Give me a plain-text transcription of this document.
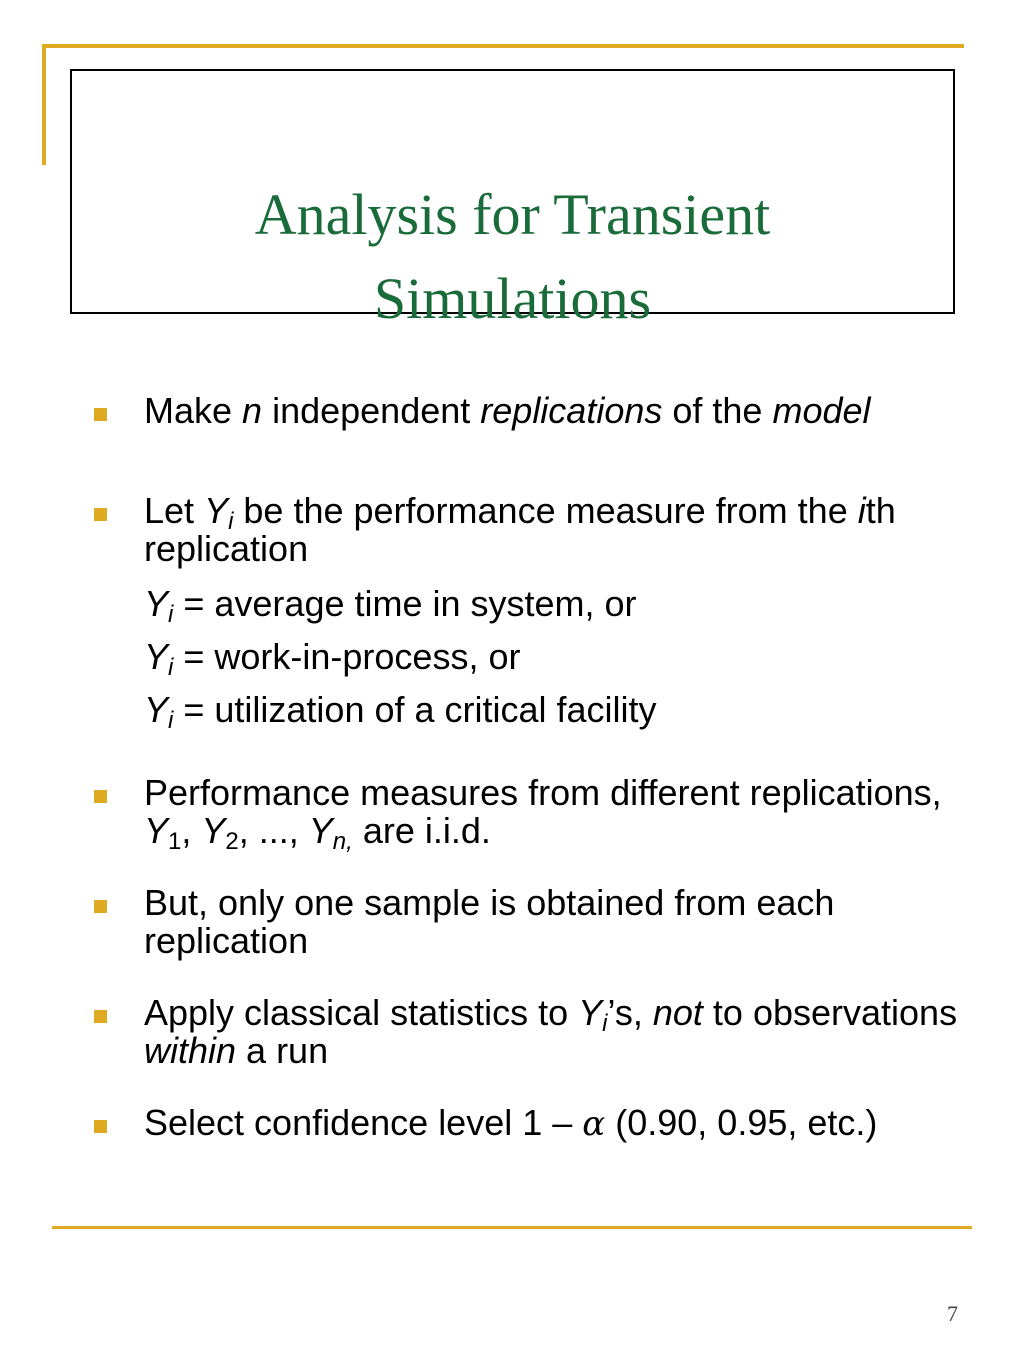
Analysis for Transient
Simulations
Make n independent replications of the model
Let Yi be the performance measure from the ith replication
Yi = average time in system, or
Yi = work-in-process, or
Yi = utilization of a critical facility
Performance measures from different replications, $Y_1$, $Y_2$, ..., Yn, are i.i.d.
But, only one sample is obtained from each replication
Apply classical statistics to Yi’s, not to observations within a run
Select confidence level 1 – α (0.90, 0.95, etc.)
7
